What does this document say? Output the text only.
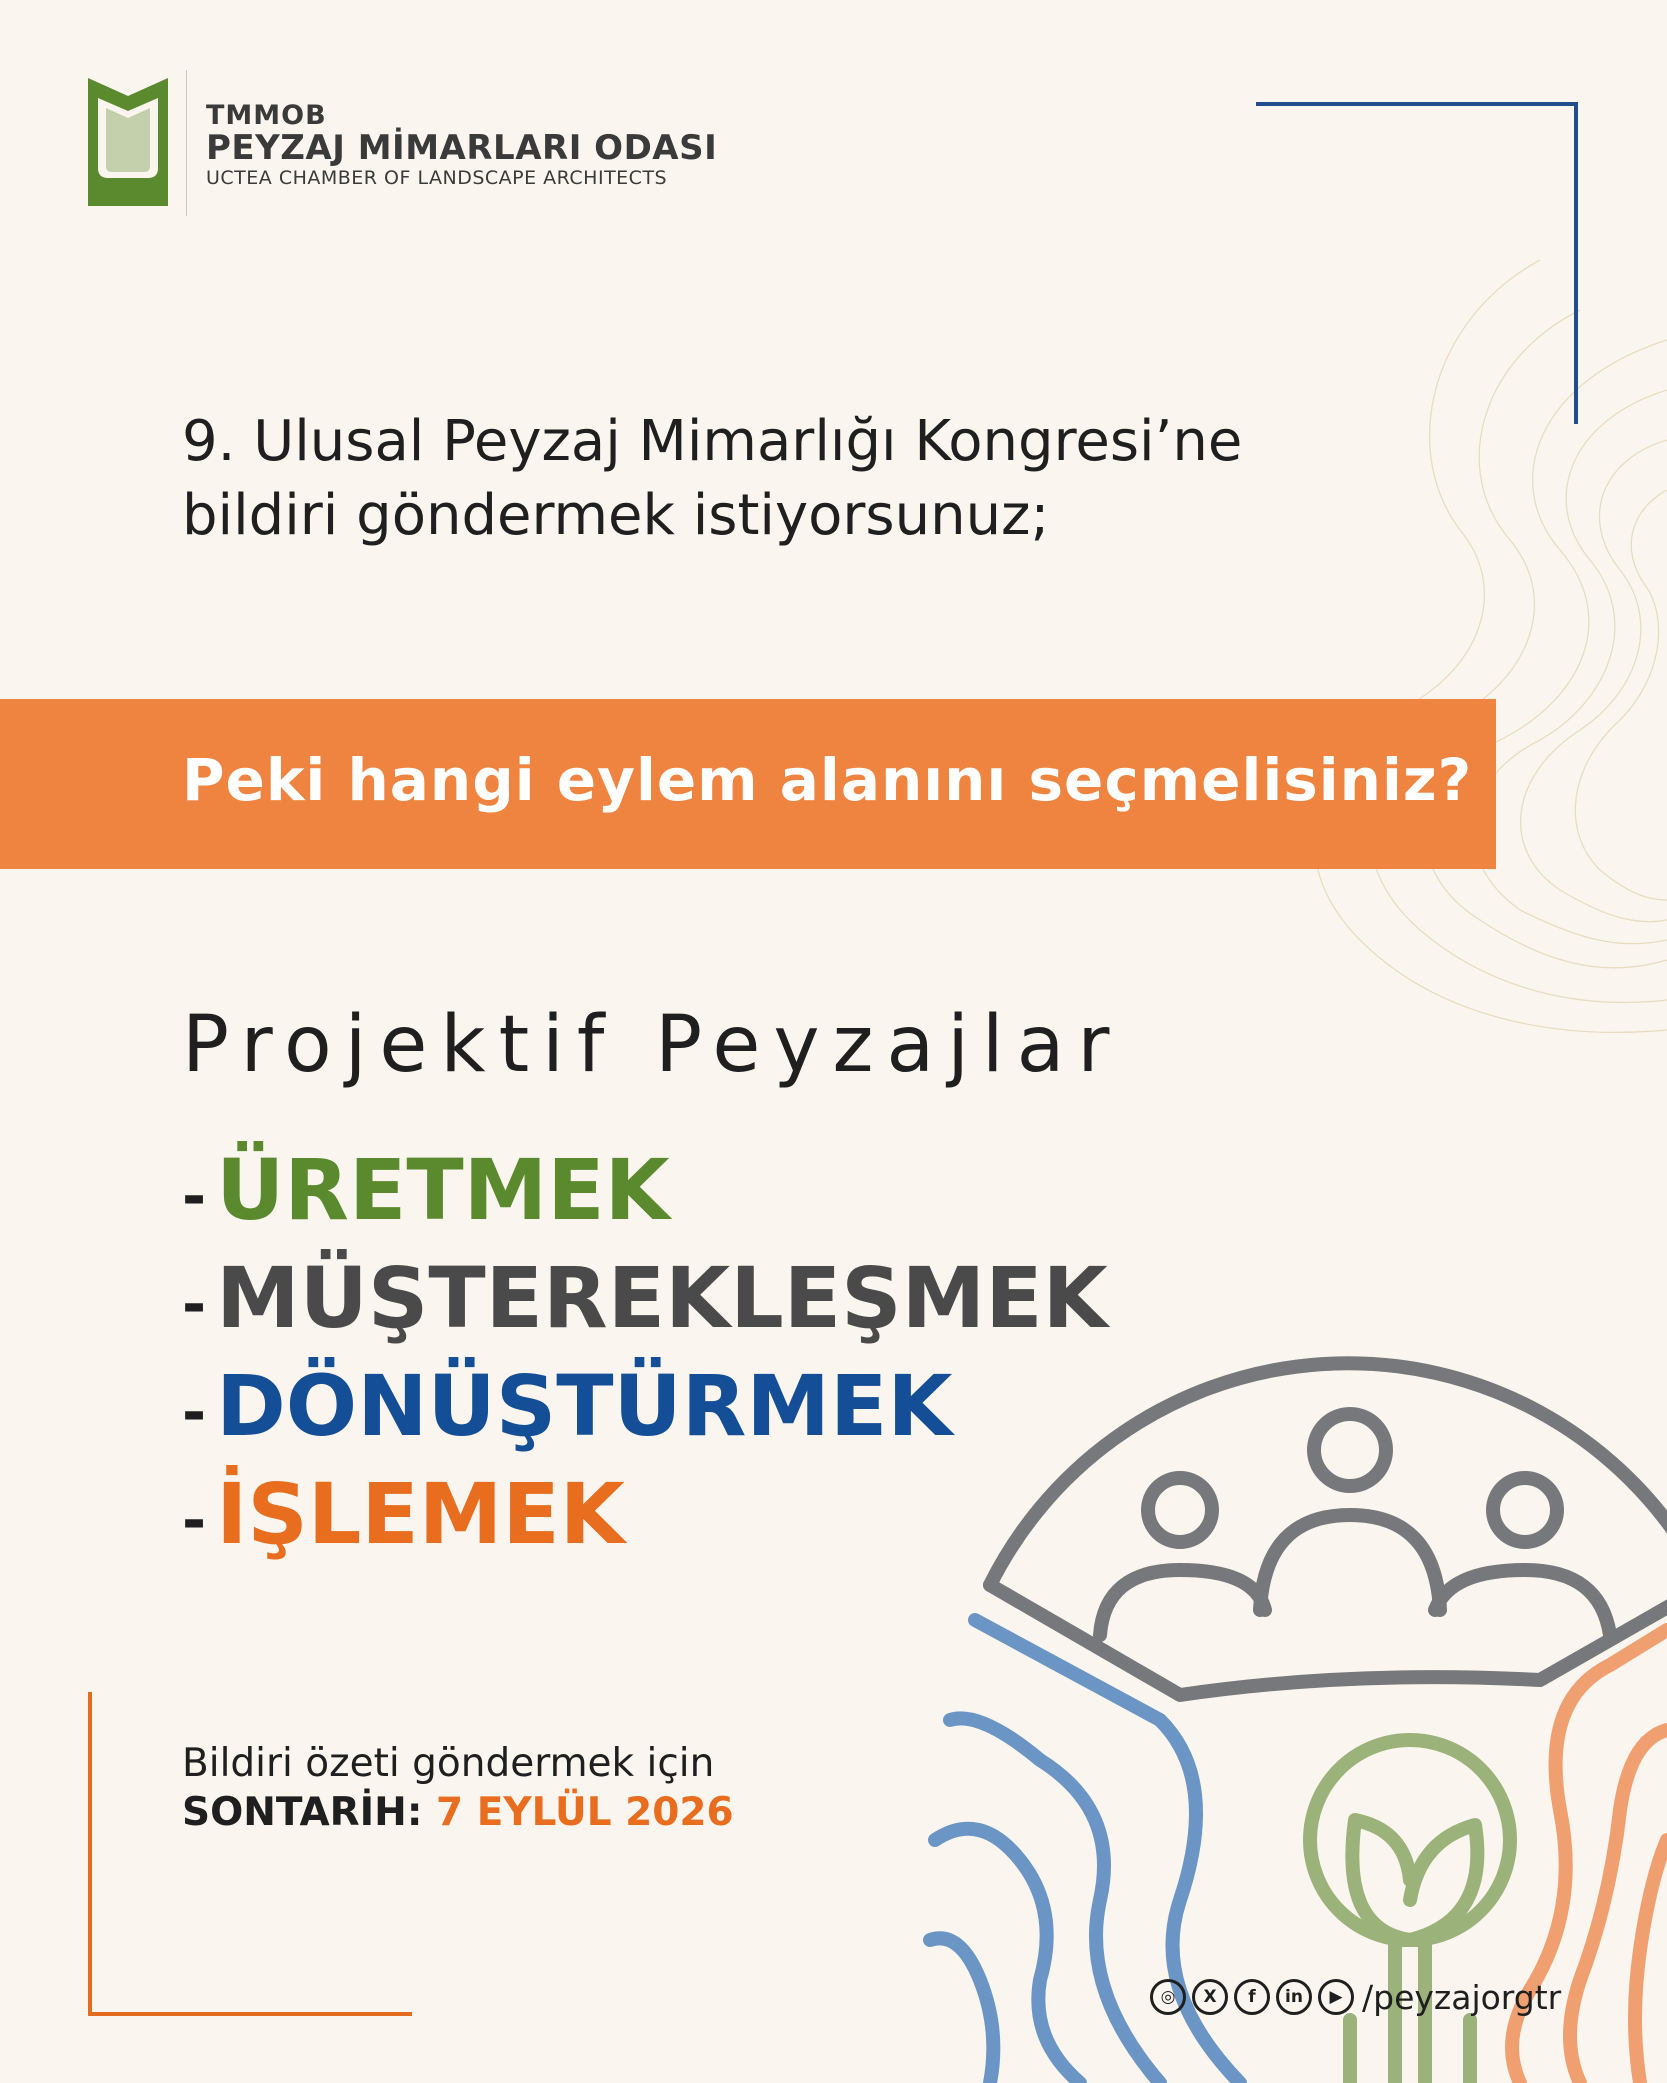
TMMOB
PEYZAJ MİMARLARI ODASI
UCTEA CHAMBER OF LANDSCAPE ARCHITECTS
9. Ulusal Peyzaj Mimarlığı Kongresi’ne
bildiri göndermek istiyorsunuz;
Peki hangi eylem alanını seçmelisiniz?
Projektif Peyzajlar
- ÜRETMEK
- MÜŞTEREKLEŞMEK
- DÖNÜŞTÜRMEK
- İŞLEMEK
Bildiri özeti göndermek için
SONTARİH: 7 EYLÜL 2026
◎	X	f	in	▶ /peyzajorgtr
